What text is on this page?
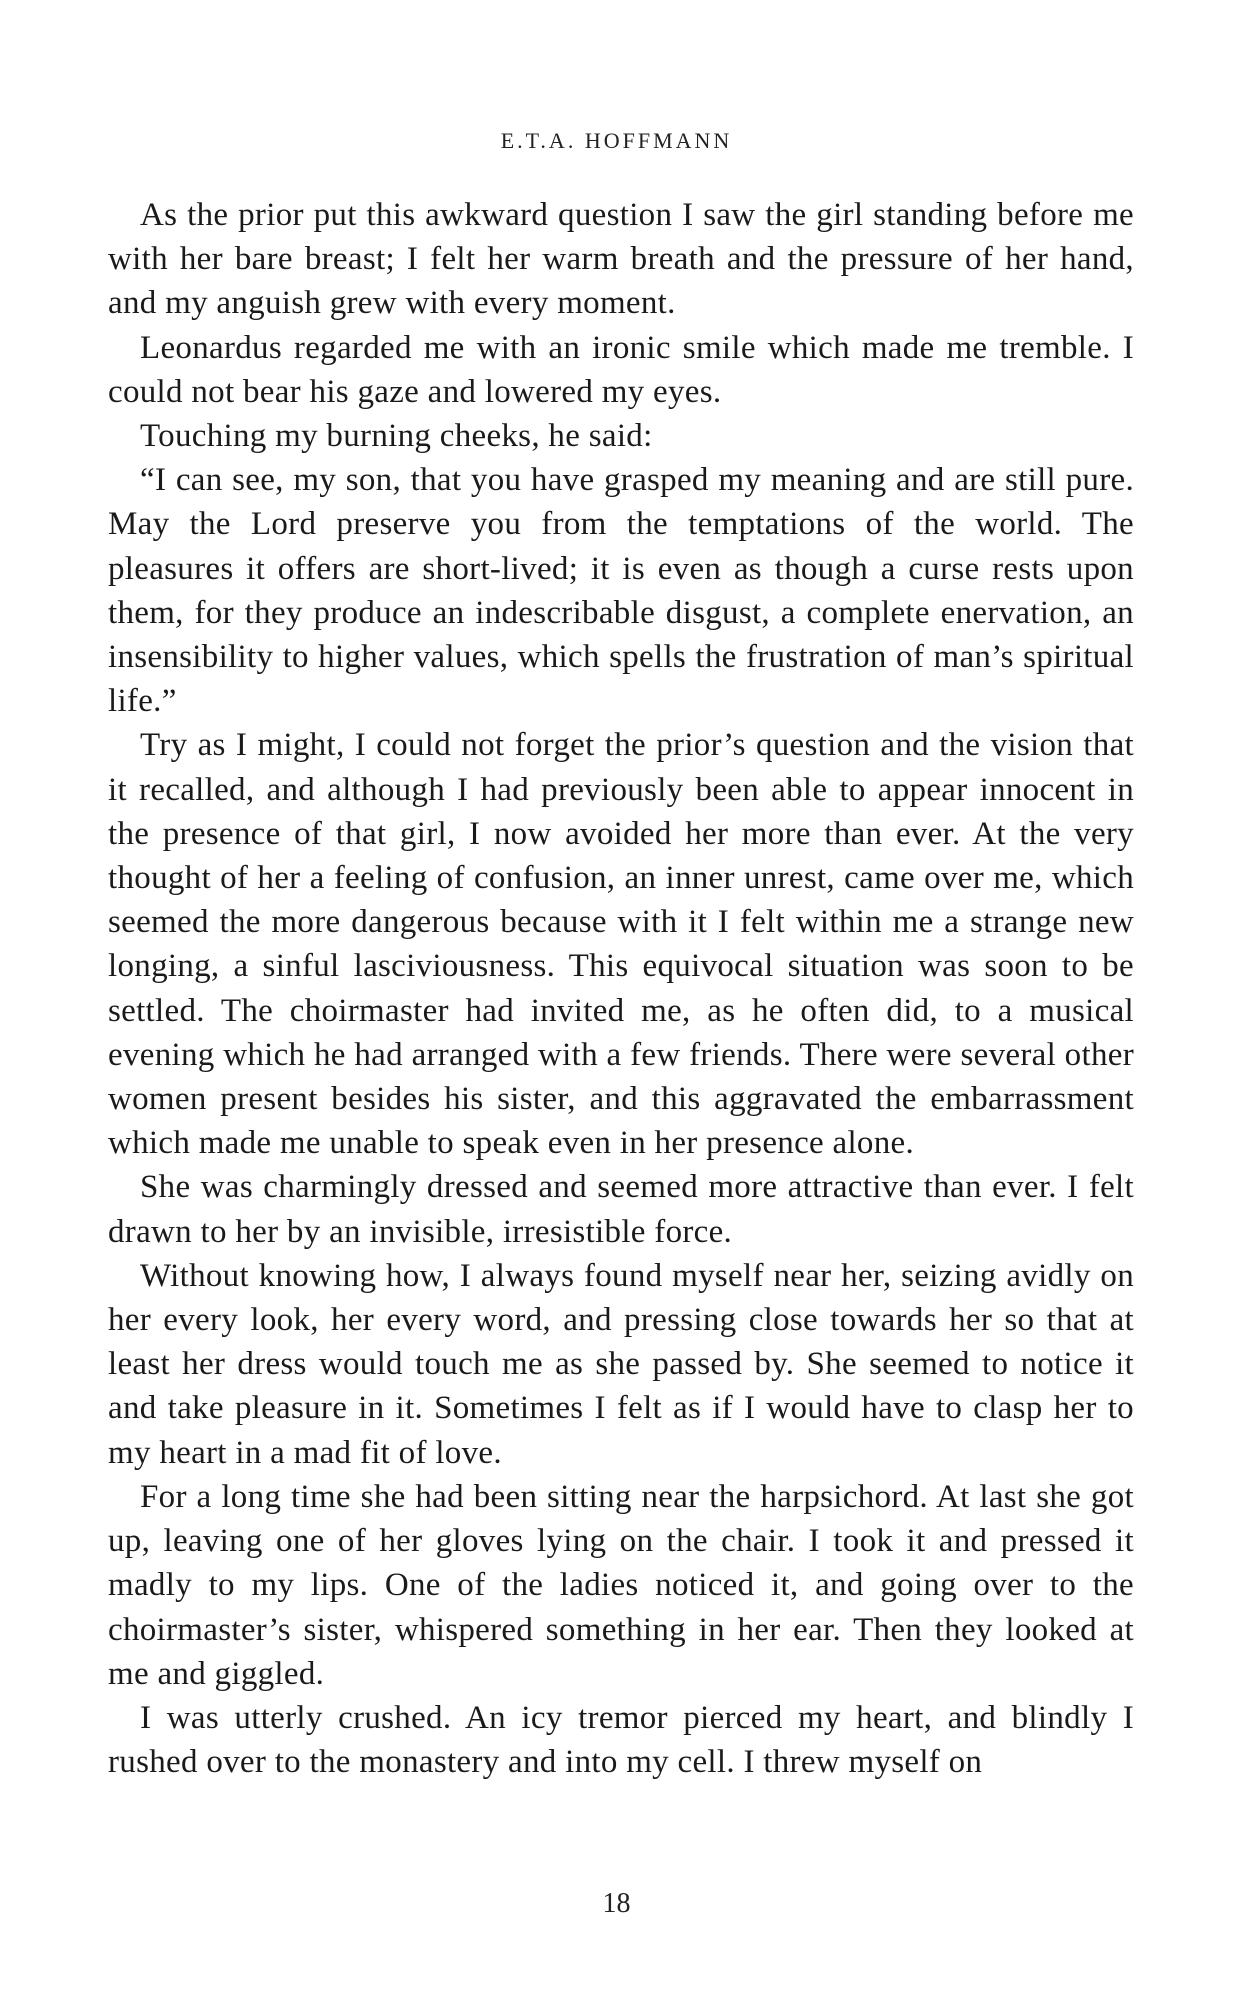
E.T.A. HOFFMANN

As the prior put this awkward question I saw the girl standing before me with her bare breast; I felt her warm breath and the pressure of her hand, and my anguish grew with every moment.

Leonardus regarded me with an ironic smile which made me tremble. I could not bear his gaze and lowered my eyes.

Touching my burning cheeks, he said:

“I can see, my son, that you have grasped my meaning and are still pure. May the Lord preserve you from the temptations of the world. The pleasures it offers are short-lived; it is even as though a curse rests upon them, for they produce an indescribable disgust, a complete enervation, an insensibility to higher values, which spells the frustration of man’s spiritual life.”

Try as I might, I could not forget the prior’s question and the vision that it recalled, and although I had previously been able to appear innocent in the presence of that girl, I now avoided her more than ever. At the very thought of her a feeling of confusion, an inner unrest, came over me, which seemed the more dangerous because with it I felt within me a strange new longing, a sinful lasciviousness. This equivocal situation was soon to be settled. The choirmaster had invited me, as he often did, to a musical evening which he had arranged with a few friends. There were several other women present besides his sister, and this aggravated the embarrassment which made me unable to speak even in her presence alone.

She was charmingly dressed and seemed more attractive than ever. I felt drawn to her by an invisible, irresistible force.

Without knowing how, I always found myself near her, seizing avidly on her every look, her every word, and pressing close towards her so that at least her dress would touch me as she passed by. She seemed to notice it and take pleasure in it. Sometimes I felt as if I would have to clasp her to my heart in a mad fit of love.

For a long time she had been sitting near the harpsichord. At last she got up, leaving one of her gloves lying on the chair. I took it and pressed it madly to my lips. One of the ladies noticed it, and going over to the choirmaster’s sister, whispered something in her ear. Then they looked at me and giggled.

I was utterly crushed. An icy tremor pierced my heart, and blindly I rushed over to the monastery and into my cell. I threw myself on

18
